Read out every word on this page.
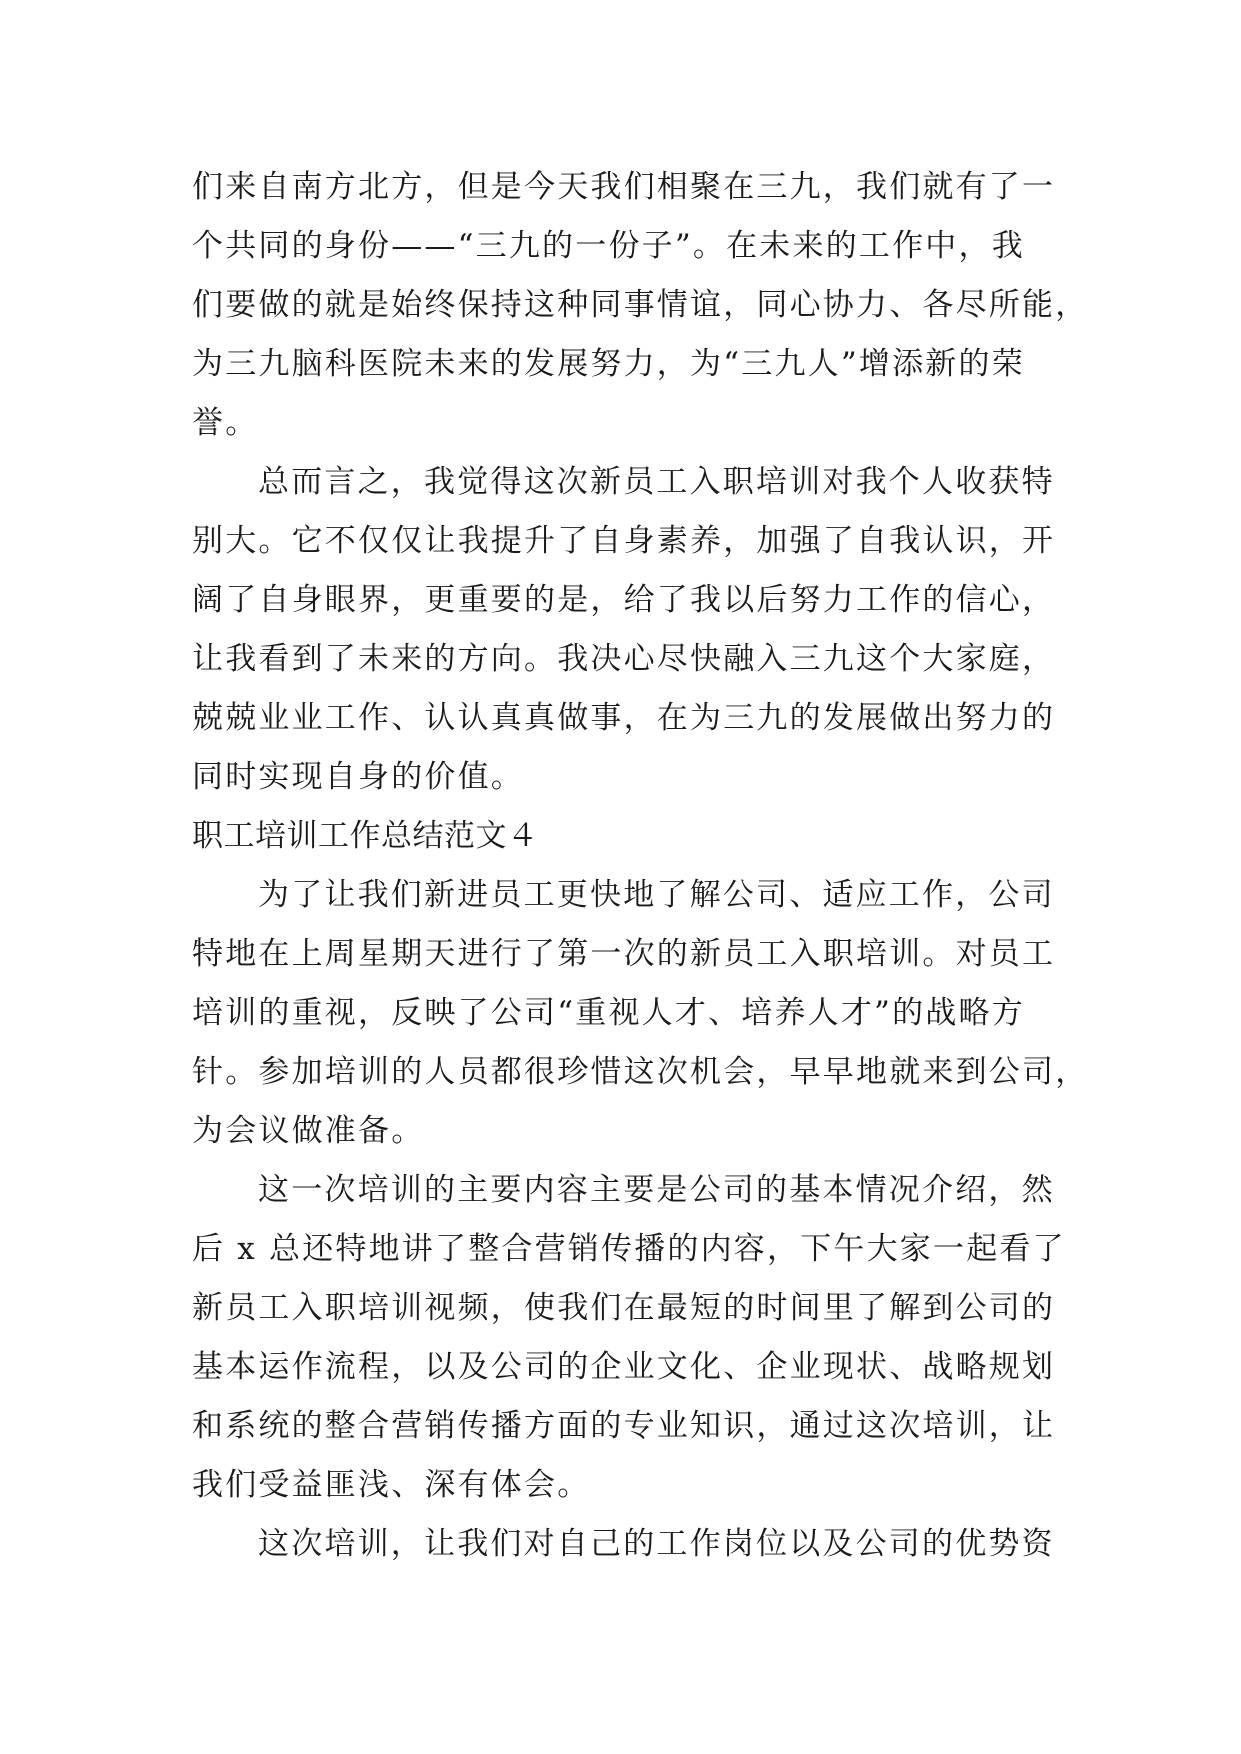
们来自南方北方，但是今天我们相聚在三九，我们就有了一
个共同的身份——“三九的一份子”。在未来的工作中，我
们要做的就是始终保持这种同事情谊，同心协力、各尽所能，
为三九脑科医院未来的发展努力，为“三九人”增添新的荣
誉。
总而言之，我觉得这次新员工入职培训对我个人收获特
别大。它不仅仅让我提升了自身素养，加强了自我认识，开
阔了自身眼界，更重要的是，给了我以后努力工作的信心，
让我看到了未来的方向。我决心尽快融入三九这个大家庭，
兢兢业业工作、认认真真做事，在为三九的发展做出努力的
同时实现自身的价值。
职工培训工作总结范文４
为了让我们新进员工更快地了解公司、适应工作，公司
特地在上周星期天进行了第一次的新员工入职培训。对员工
培训的重视，反映了公司“重视人才、培养人才”的战略方
针。参加培训的人员都很珍惜这次机会，早早地就来到公司，
为会议做准备。
这一次培训的主要内容主要是公司的基本情况介绍，然
后 x 总还特地讲了整合营销传播的内容，下午大家一起看了
新员工入职培训视频，使我们在最短的时间里了解到公司的
基本运作流程，以及公司的企业文化、企业现状、战略规划
和系统的整合营销传播方面的专业知识，通过这次培训，让
我们受益匪浅、深有体会。
这次培训，让我们对自己的工作岗位以及公司的优势资
